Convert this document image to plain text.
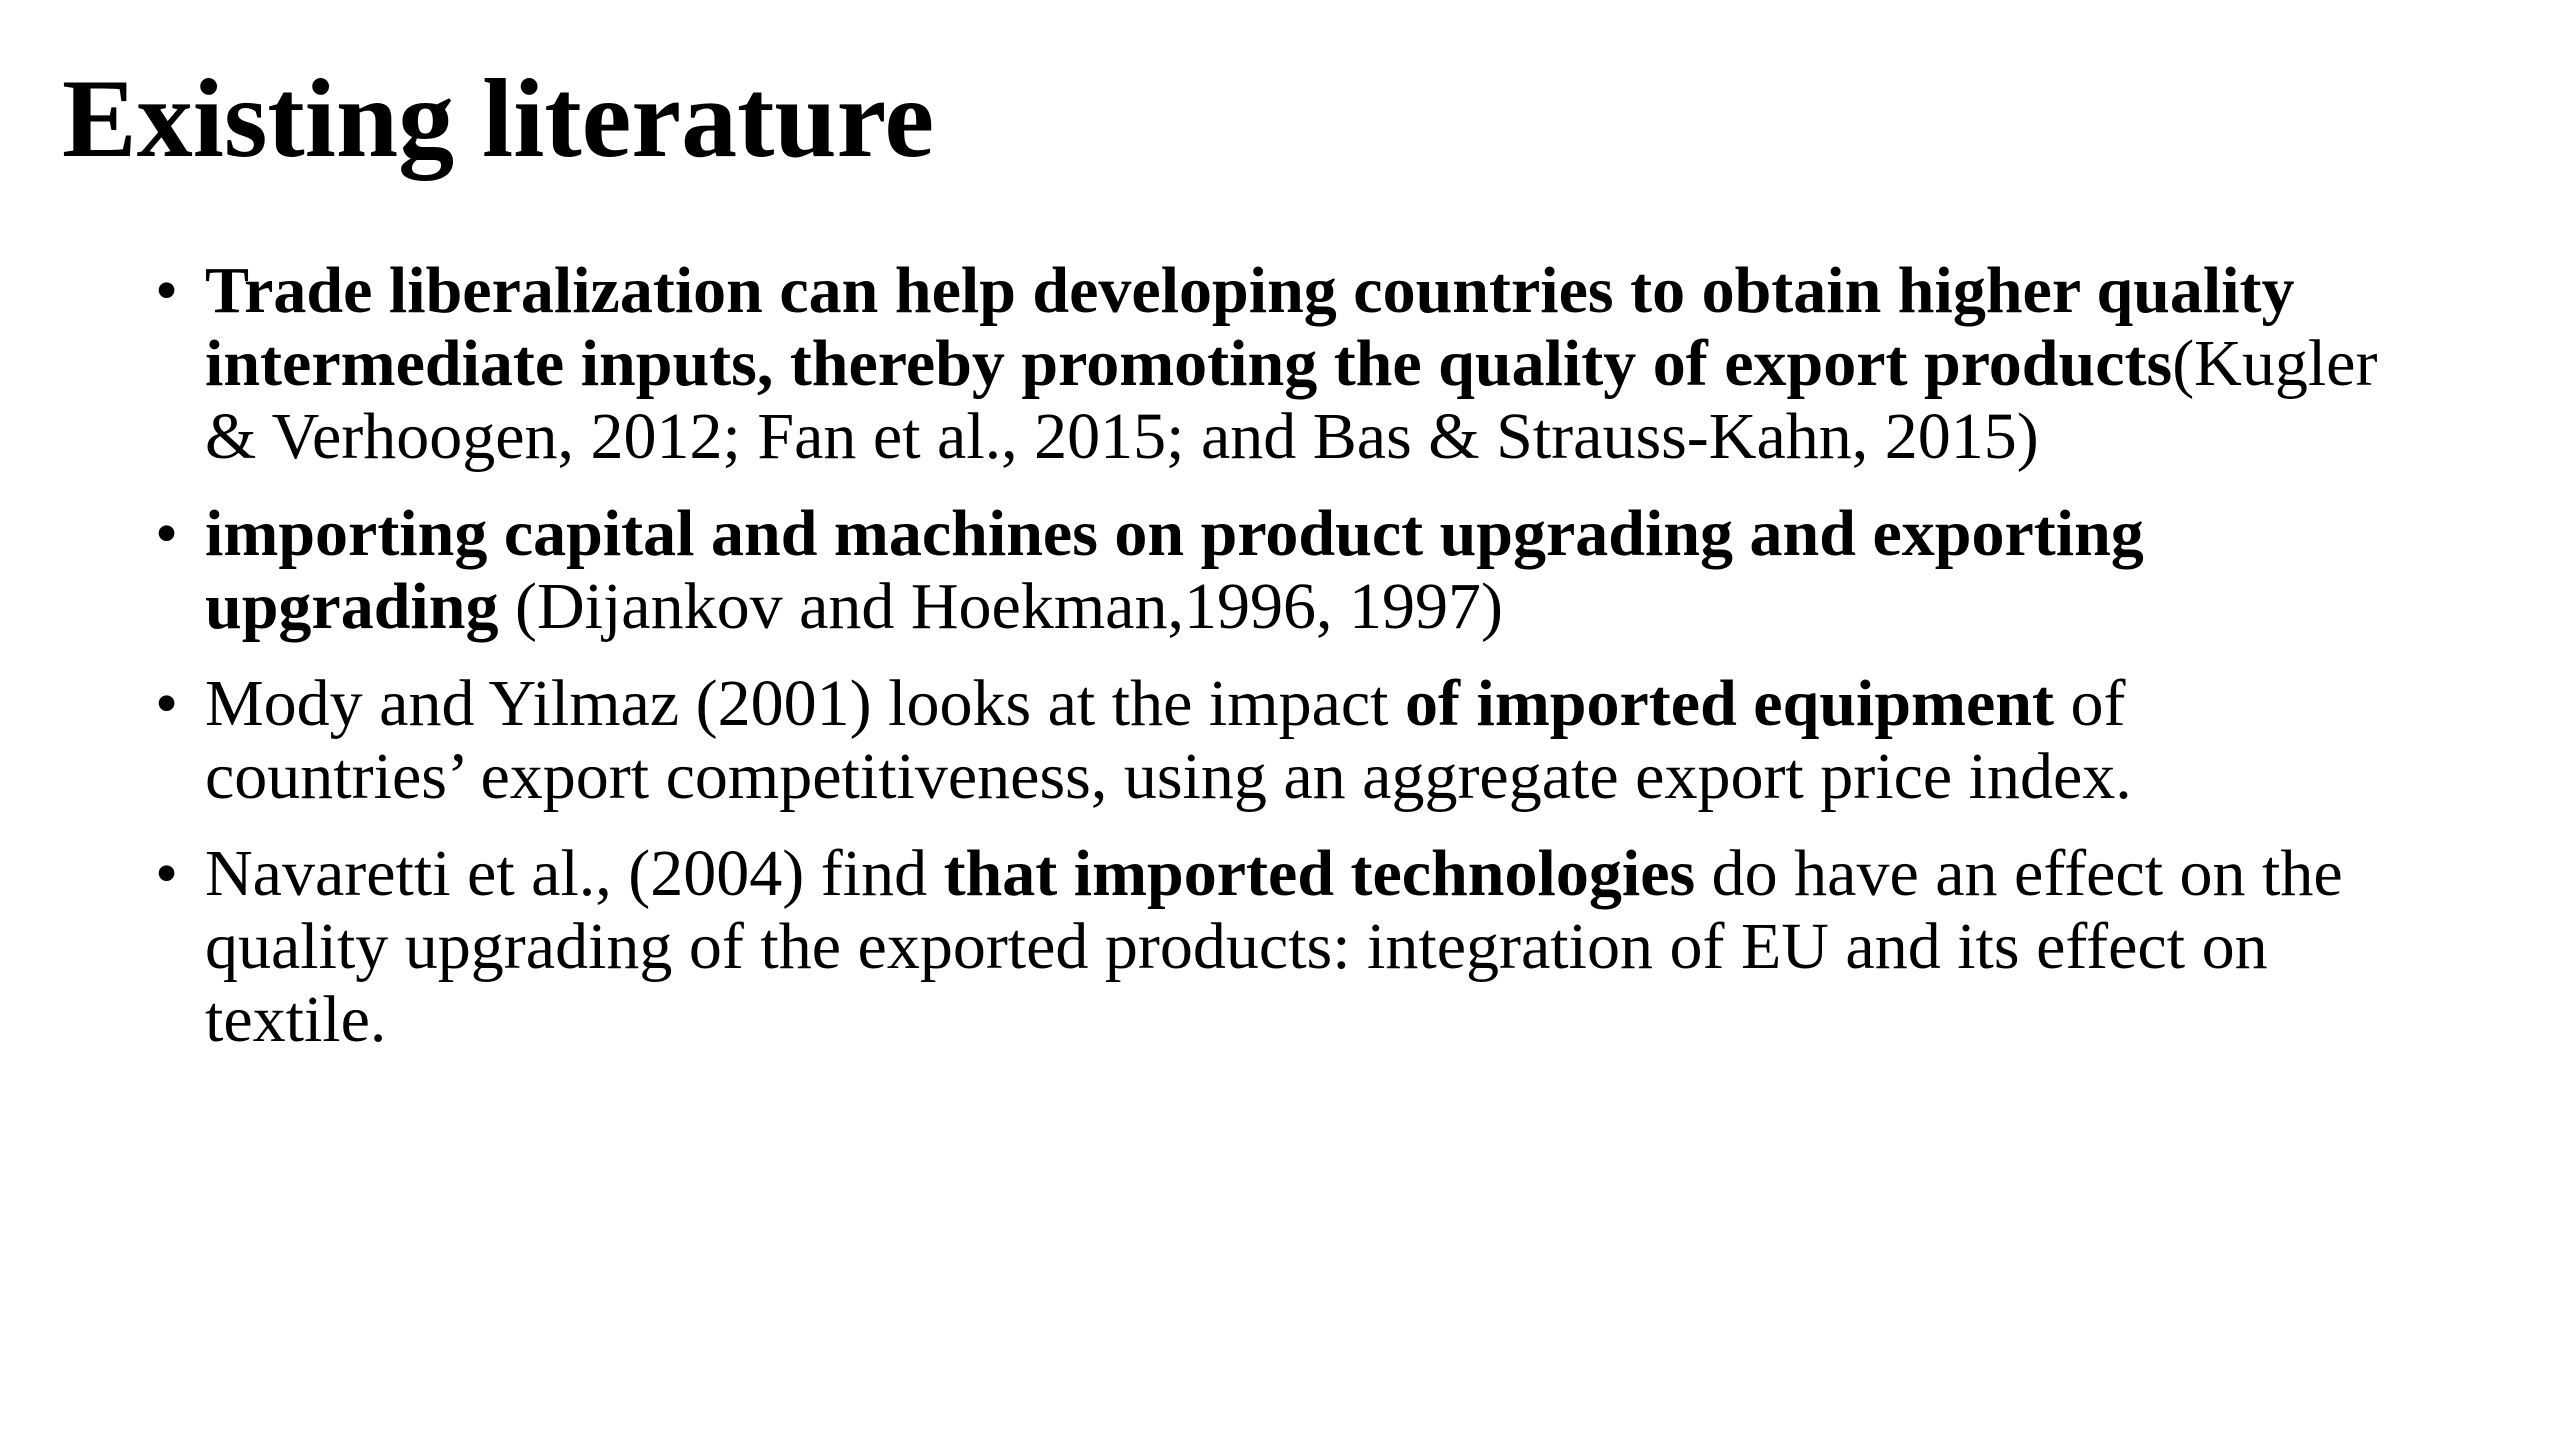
Existing literature
• Trade liberalization can help developing countries to obtain higher quality intermediate inputs, thereby promoting the quality of export products(Kugler & Verhoogen, 2012; Fan et al., 2015; and Bas & Strauss-Kahn, 2015)
• importing capital and machines on product upgrading and exporting upgrading (Dijankov and Hoekman,1996, 1997)
• Mody and Yilmaz (2001) looks at the impact of imported equipment of countries’ export competitiveness, using an aggregate export price index.
• Navaretti et al., (2004) find that imported technologies do have an effect on the quality upgrading of the exported products: integration of EU and its effect on textile.
